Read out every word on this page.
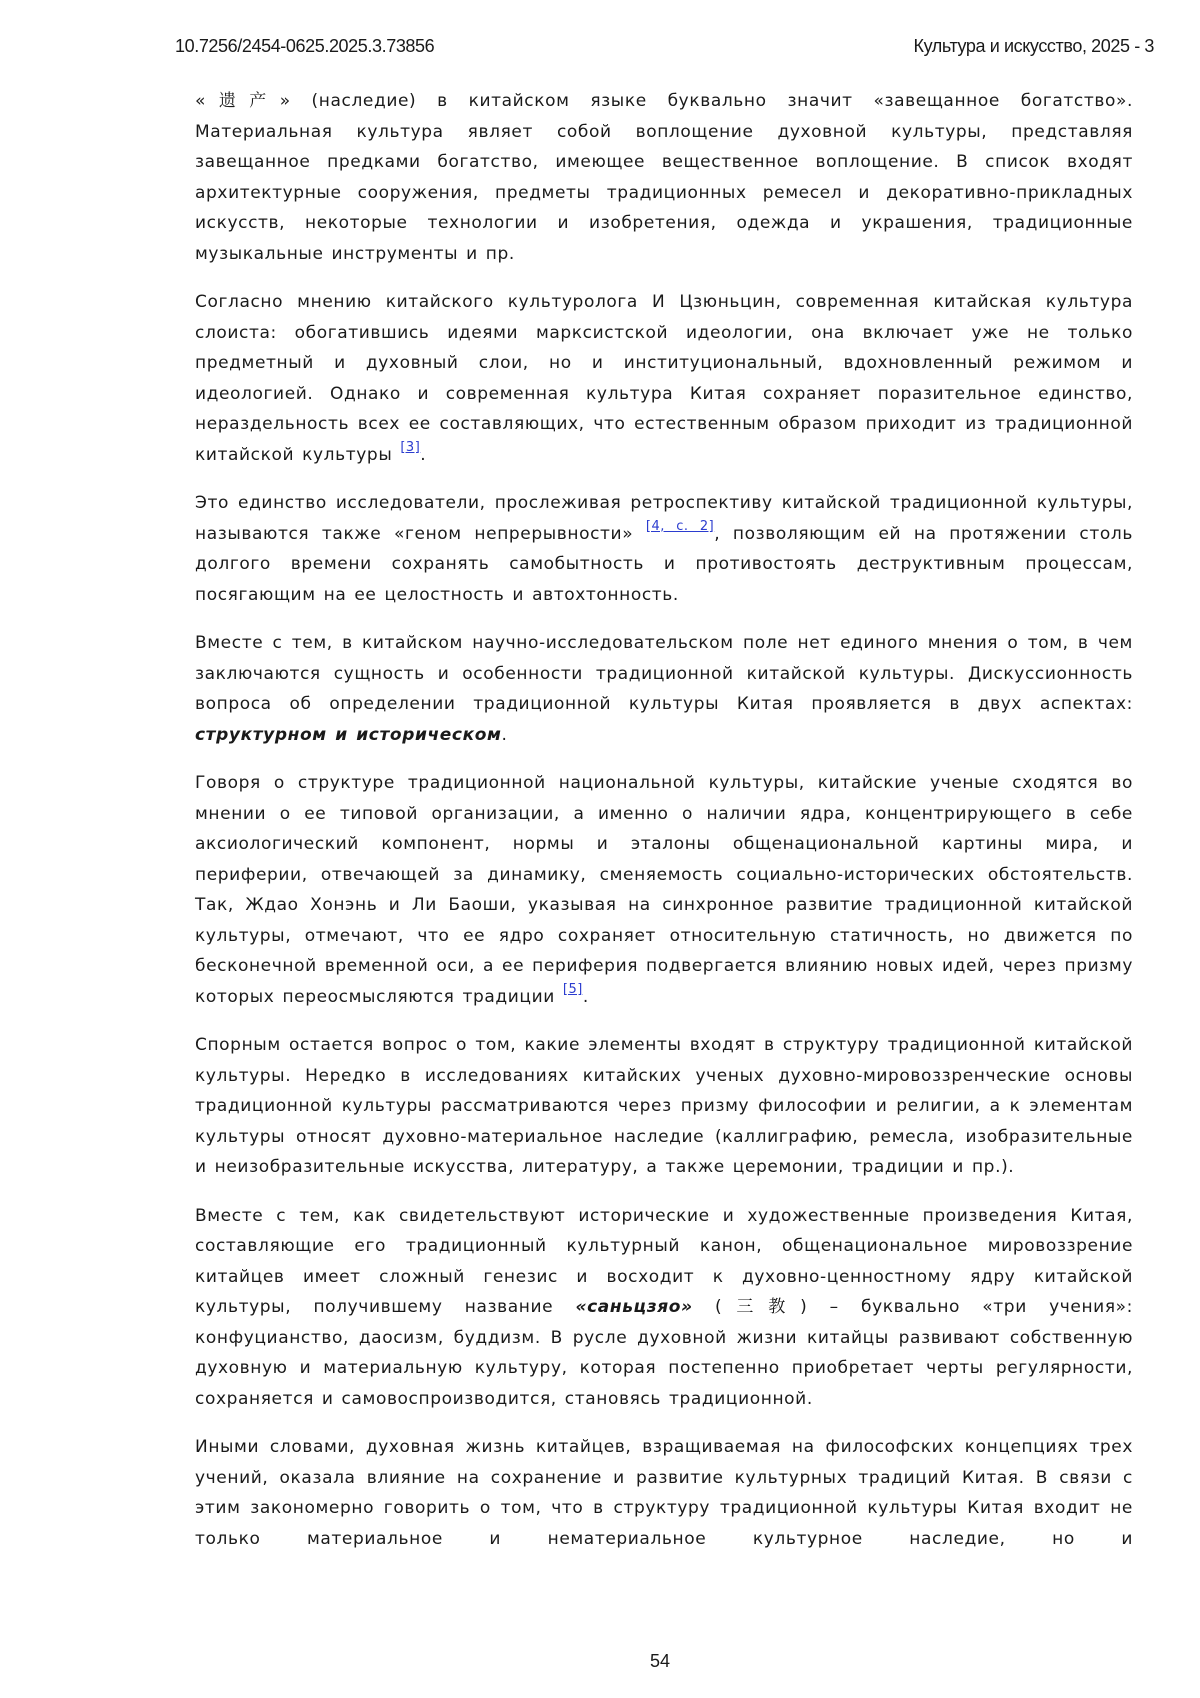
10.7256/2454-0625.2025.3.73856	Культура и искусство, 2025 - 3

«遗产» (наследие) в китайском языке буквально значит «завещанное богатство». Материальная культура являет собой воплощение духовной культуры, представляя завещанное предками богатство, имеющее вещественное воплощение. В список входят архитектурные сооружения, предметы традиционных ремесел и декоративно-прикладных искусств, некоторые технологии и изобретения, одежда и украшения, традиционные музыкальные инструменты и пр.

Согласно мнению китайского культуролога И Цзюньцин, современная китайская культура слоиста: обогатившись идеями марксистской идеологии, она включает уже не только предметный и духовный слои, но и институциональный, вдохновленный режимом и идеологией. Однако и современная культура Китая сохраняет поразительное единство, нераздельность всех ее составляющих, что естественным образом приходит из традиционной китайской культуры [3].

Это единство исследователи, прослеживая ретроспективу китайской традиционной культуры, называются также «геном непрерывности» [4, с. 2], позволяющим ей на протяжении столь долгого времени сохранять самобытность и противостоять деструктивным процессам, посягающим на ее целостность и автохтонность.

Вместе с тем, в китайском научно-исследовательском поле нет единого мнения о том, в чем заключаются сущность и особенности традиционной китайской культуры. Дискуссионность вопроса об определении традиционной культуры Китая проявляется в двух аспектах: структурном и историческом.

Говоря о структуре традиционной национальной культуры, китайские ученые сходятся во мнении о ее типовой организации, а именно о наличии ядра, концентрирующего в себе аксиологический компонент, нормы и эталоны общенациональной картины мира, и периферии, отвечающей за динамику, сменяемость социально-исторических обстоятельств. Так, Ждао Хонэнь и Ли Баоши, указывая на синхронное развитие традиционной китайской культуры, отмечают, что ее ядро сохраняет относительную статичность, но движется по бесконечной временной оси, а ее периферия подвергается влиянию новых идей, через призму которых переосмысляются традиции [5].

Спорным остается вопрос о том, какие элементы входят в структуру традиционной китайской культуры. Нередко в исследованиях китайских ученых духовно-мировоззренческие основы традиционной культуры рассматриваются через призму философии и религии, а к элементам культуры относят духовно-материальное наследие (каллиграфию, ремесла, изобразительные и неизобразительные искусства, литературу, а также церемонии, традиции и пр.).

Вместе с тем, как свидетельствуют исторические и художественные произведения Китая, составляющие его традиционный культурный канон, общенациональное мировоззрение китайцев имеет сложный генезис и восходит к духовно-ценностному ядру китайской культуры, получившему название «саньцзяо» (三教) – буквально «три учения»: конфуцианство, даосизм, буддизм. В русле духовной жизни китайцы развивают собственную духовную и материальную культуру, которая постепенно приобретает черты регулярности, сохраняется и самовоспроизводится, становясь традиционной.

Иными словами, духовная жизнь китайцев, взращиваемая на философских концепциях трех учений, оказала влияние на сохранение и развитие культурных традиций Китая. В связи с этим закономерно говорить о том, что в структуру традиционной культуры Китая входит не только материальное и нематериальное культурное наследие, но и

54
